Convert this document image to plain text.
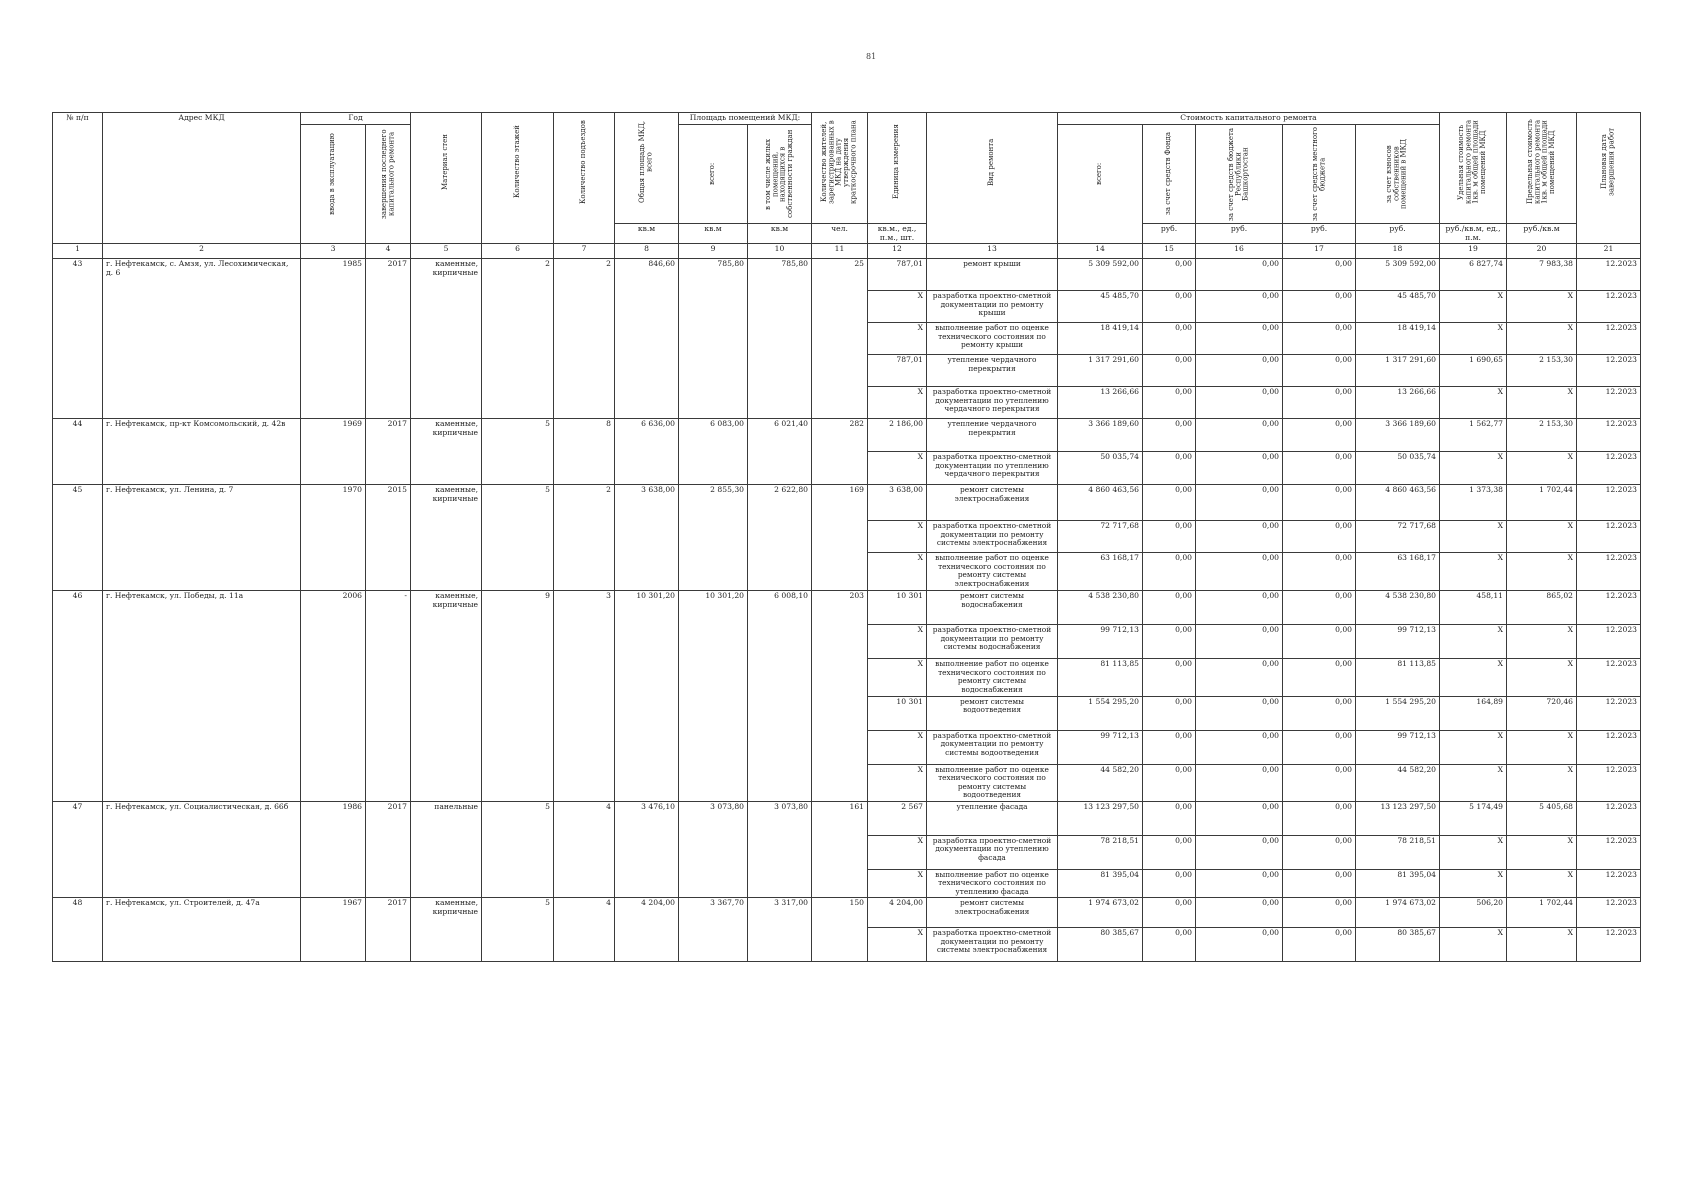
81
№ п/п	Адрес МКД	Год		Материал стен	Количество этажей	Количество подъездов	Общая площадь МКД, всего	Площадь помещений МКД:		Количество жителей, зарегистрированных в МКД на дату утверждения краткосрочного плана	Единица измерения	Вид ремонта	Стоимость капитального ремонта					Удельная стоимость капитального ремонта 1кв. м общей площади помещений МКД	Предельная стоимость капитального ремонта 1кв. м общей площади помещений МКД	Плановая дата завершения работ

		ввода в эксплуатацию	завершения последнего капитального ремонта					всего:	в том числе жилых помещений, находящихся в собственности граждан				всего:	за счет средств Фонда	за счет средств бюджета Республики Башкортостан	за счет средств местного бюджета	за счет взносов собственников помещений в МКД			

							кв.м	кв.м	кв.м	чел.	кв.м., ед., п.м., шт.			руб.	руб.	руб.	руб.	руб./кв.м, ед., п.м.	руб./кв.м	
1	2	3	4	5	6	7	8	9	10	11	12	13	14	15	16	17	18	19	20	21
43	г. Нефтекамск, с. Амзя, ул. Лесохимическая, д. 6	1985	2017	каменные, кирпичные	2	2	846,60	785,80	785,80	25	787,01	ремонт крыши	5 309 592,00	0,00	0,00	0,00	5 309 592,00	6 827,74	7 983,38	12.2023
											X	разработка проектно-сметной документации по ремонту крыши	45 485,70	0,00	0,00	0,00	45 485,70	X	X	12.2023
											X	выполнение работ по оценке технического состояния по ремонту крыши	18 419,14	0,00	0,00	0,00	18 419,14	X	X	12.2023
											787,01	утепление чердачного перекрытия	1 317 291,60	0,00	0,00	0,00	1 317 291,60	1 690,65	2 153,30	12.2023
											X	разработка проектно-сметной документации по утеплению чердачного перекрытия	13 266,66	0,00	0,00	0,00	13 266,66	X	X	12.2023
44	г. Нефтекамск, пр-кт Комсомольский, д. 42в	1969	2017	каменные, кирпичные	5	8	6 636,00	6 083,00	6 021,40	282	2 186,00	утепление чердачного перекрытия	3 366 189,60	0,00	0,00	0,00	3 366 189,60	1 562,77	2 153,30	12.2023
											X	разработка проектно-сметной документации по утеплению чердачного перекрытия	50 035,74	0,00	0,00	0,00	50 035,74	X	X	12.2023
45	г. Нефтекамск, ул. Ленина, д. 7	1970	2015	каменные, кирпичные	5	2	3 638,00	2 855,30	2 622,80	169	3 638,00	ремонт системы электроснабжения	4 860 463,56	0,00	0,00	0,00	4 860 463,56	1 373,38	1 702,44	12.2023
											X	разработка проектно-сметной документации по ремонту системы электроснабжения	72 717,68	0,00	0,00	0,00	72 717,68	X	X	12.2023
											X	выполнение работ по оценке технического состояния по ремонту системы электроснабжения	63 168,17	0,00	0,00	0,00	63 168,17	X	X	12.2023
46	г. Нефтекамск, ул. Победы, д. 11а	2006	-	каменные, кирпичные	9	3	10 301,20	10 301,20	6 008,10	203	10 301	ремонт системы водоснабжения	4 538 230,80	0,00	0,00	0,00	4 538 230,80	458,11	865,02	12.2023
											X	разработка проектно-сметной документации по ремонту системы водоснабжения	99 712,13	0,00	0,00	0,00	99 712,13	X	X	12.2023
											X	выполнение работ по оценке технического состояния по ремонту системы водоснабжения	81 113,85	0,00	0,00	0,00	81 113,85	X	X	12.2023
											10 301	ремонт системы водоотведения	1 554 295,20	0,00	0,00	0,00	1 554 295,20	164,89	720,46	12.2023
											X	разработка проектно-сметной документации по ремонту системы водоотведения	99 712,13	0,00	0,00	0,00	99 712,13	X	X	12.2023
											X	выполнение работ по оценке технического состояния по ремонту системы водоотведения	44 582,20	0,00	0,00	0,00	44 582,20	X	X	12.2023
47	г. Нефтекамск, ул. Социалистическая, д. 66б	1986	2017	панельные	5	4	3 476,10	3 073,80	3 073,80	161	2 567	утепление фасада	13 123 297,50	0,00	0,00	0,00	13 123 297,50	5 174,49	5 405,68	12.2023
											X	разработка проектно-сметной документации по утеплению фасада	78 218,51	0,00	0,00	0,00	78 218,51	X	X	12.2023
											X	выполнение работ по оценке технического состояния по утеплению фасада	81 395,04	0,00	0,00	0,00	81 395,04	X	X	12.2023
48	г. Нефтекамск, ул. Строителей, д. 47а	1967	2017	каменные, кирпичные	5	4	4 204,00	3 367,70	3 317,00	150	4 204,00	ремонт системы электроснабжения	1 974 673,02	0,00	0,00	0,00	1 974 673,02	506,20	1 702,44	12.2023
											X	разработка проектно-сметной документации по ремонту системы электроснабжения	80 385,67	0,00	0,00	0,00	80 385,67	X	X	12.2023
